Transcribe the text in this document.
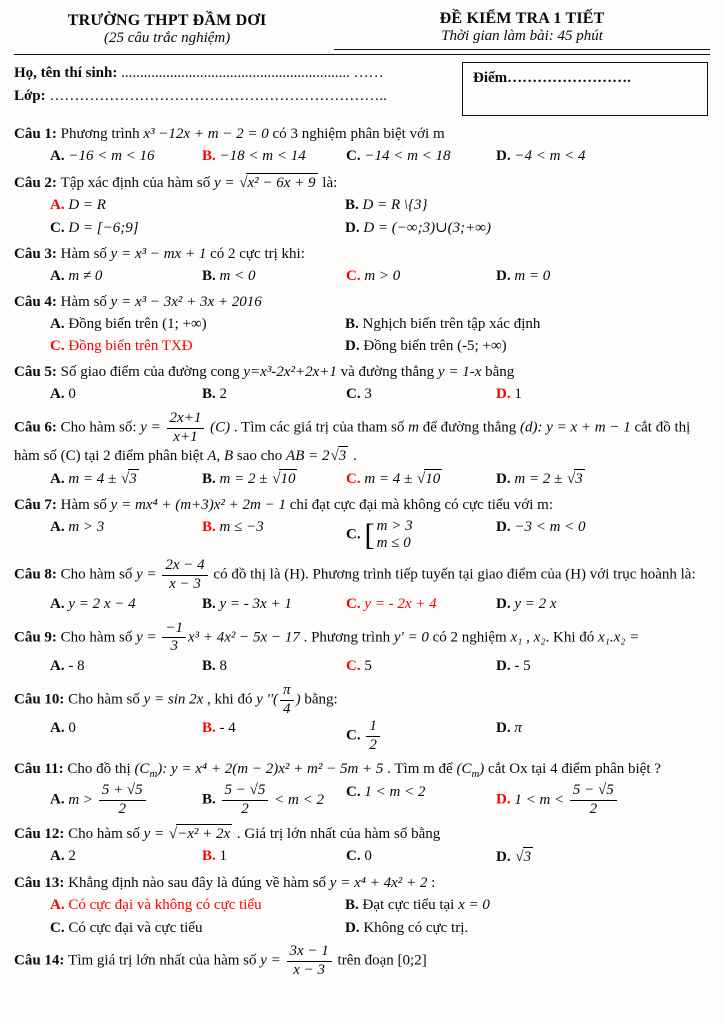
TRƯỜNG THPT ĐẦM DƠI
(25 câu trắc nghiệm)
ĐỀ KIỂM TRA 1 TIẾT
Thời gian làm bài: 45 phút
Họ, tên thí sinh: ............................................................. ……
Lớp: …………………………………………………………..
Điểm…………………….
Câu 1: Phương trình x³ −12x + m − 2 = 0 có 3 nghiệm phân biệt với m
A. −16 < m < 16	B. −18 < m < 14	C. −14 < m < 18	D. −4 < m < 4
Câu 2: Tập xác định của hàm số y = √x² − 6x + 9 là:
A. D = R	B. D = R \{3}
C. D = [−6;9]	D. D = (−∞;3)∪(3;+∞)
Câu 3: Hàm số y = x³ − mx + 1 có 2 cực trị khi:
A. m ≠ 0	B. m < 0	C. m > 0	D. m = 0
Câu 4: Hàm số y = x³ − 3x² + 3x + 2016
A. Đồng biến trên (1; +∞)	B. Nghịch biến trên tập xác định
C. Đồng biến trên TXĐ	D. Đồng biến trên (-5; +∞)
Câu 5: Số giao điểm của đường cong y=x³-2x²+2x+1 và đường thẳng y = 1-x bằng
A. 0	B. 2	C. 3	D. 1
Câu 6: Cho hàm số: $y = \frac{2x+1}{x+1} (C)$ . Tìm các giá trị của tham số m để đường thẳng (d): y = x + m − 1 cắt đồ thị hàm số (C) tại 2 điểm phân biệt A, B sao cho AB = 2√3 .
A. m = 4 ± √3	B. m = 2 ± √10	C. m = 4 ± √10	D. m = 2 ± √3
Câu 7: Hàm số y = mx⁴ + (m+3)x² + 2m − 1 chỉ đạt cực đại mà không có cực tiểu với m:
A. m > 3	B. m ≤ −3	C. [ m > 3
m ≤ 0
D. −3 < m < 0
Câu 8: Cho hàm số $y = \frac{2x - 4}{x - 3}$ có đồ thị là (H). Phương trình tiếp tuyến tại giao điểm của (H) với trục hoành là:
A. y = 2 x − 4	B. y = - 3x + 1	C. y = - 2x + 4	D. y = 2 x
Câu 9: Cho hàm số $y = \frac{-1}{3} x^3 + 4x^2 - 5x - 17$ . Phương trình y' = 0 có 2 nghiệm x₁ , x₂. Khi đó x₁.x₂ =
A. - 8	B. 8	C. 5	D. - 5
Câu 10: Cho hàm số y = sin 2x , khi đó y ''( $\frac{\pi}{4}$ ) bằng:
A. 0	B. - 4	C. $\frac{1}{2}$	D. π
Câu 11: Cho đồ thị $(C_m)$: y = x⁴ + 2(m − 2)x² + m² − 5m + 5 . Tìm m để $(C_m)$ cắt Ox tại 4 điểm phân biệt ?
A. $m > \frac{5 + √5}{2}$	B. $\frac{5 - √5}{2} < m < 2$	C. 1 < m < 2	D. $1 < m < \frac{5 - √5}{2}$
Câu 12: Cho hàm số y = √−x² + 2x . Giá trị lớn nhất của hàm số bằng
A. 2	B. 1	C. 0	D. √3
Câu 13: Khẳng định nào sau đây là đúng về hàm số y = x⁴ + 4x² + 2 :
A. Có cực đại và không có cực tiểu	B. Đạt cực tiểu tại x = 0
C. Có cực đại và cực tiểu	D. Không có cực trị.
Câu 14: Tìm giá trị lớn nhất của hàm số $y = \frac{3x - 1}{x - 3}$ trên đoạn [0;2]
